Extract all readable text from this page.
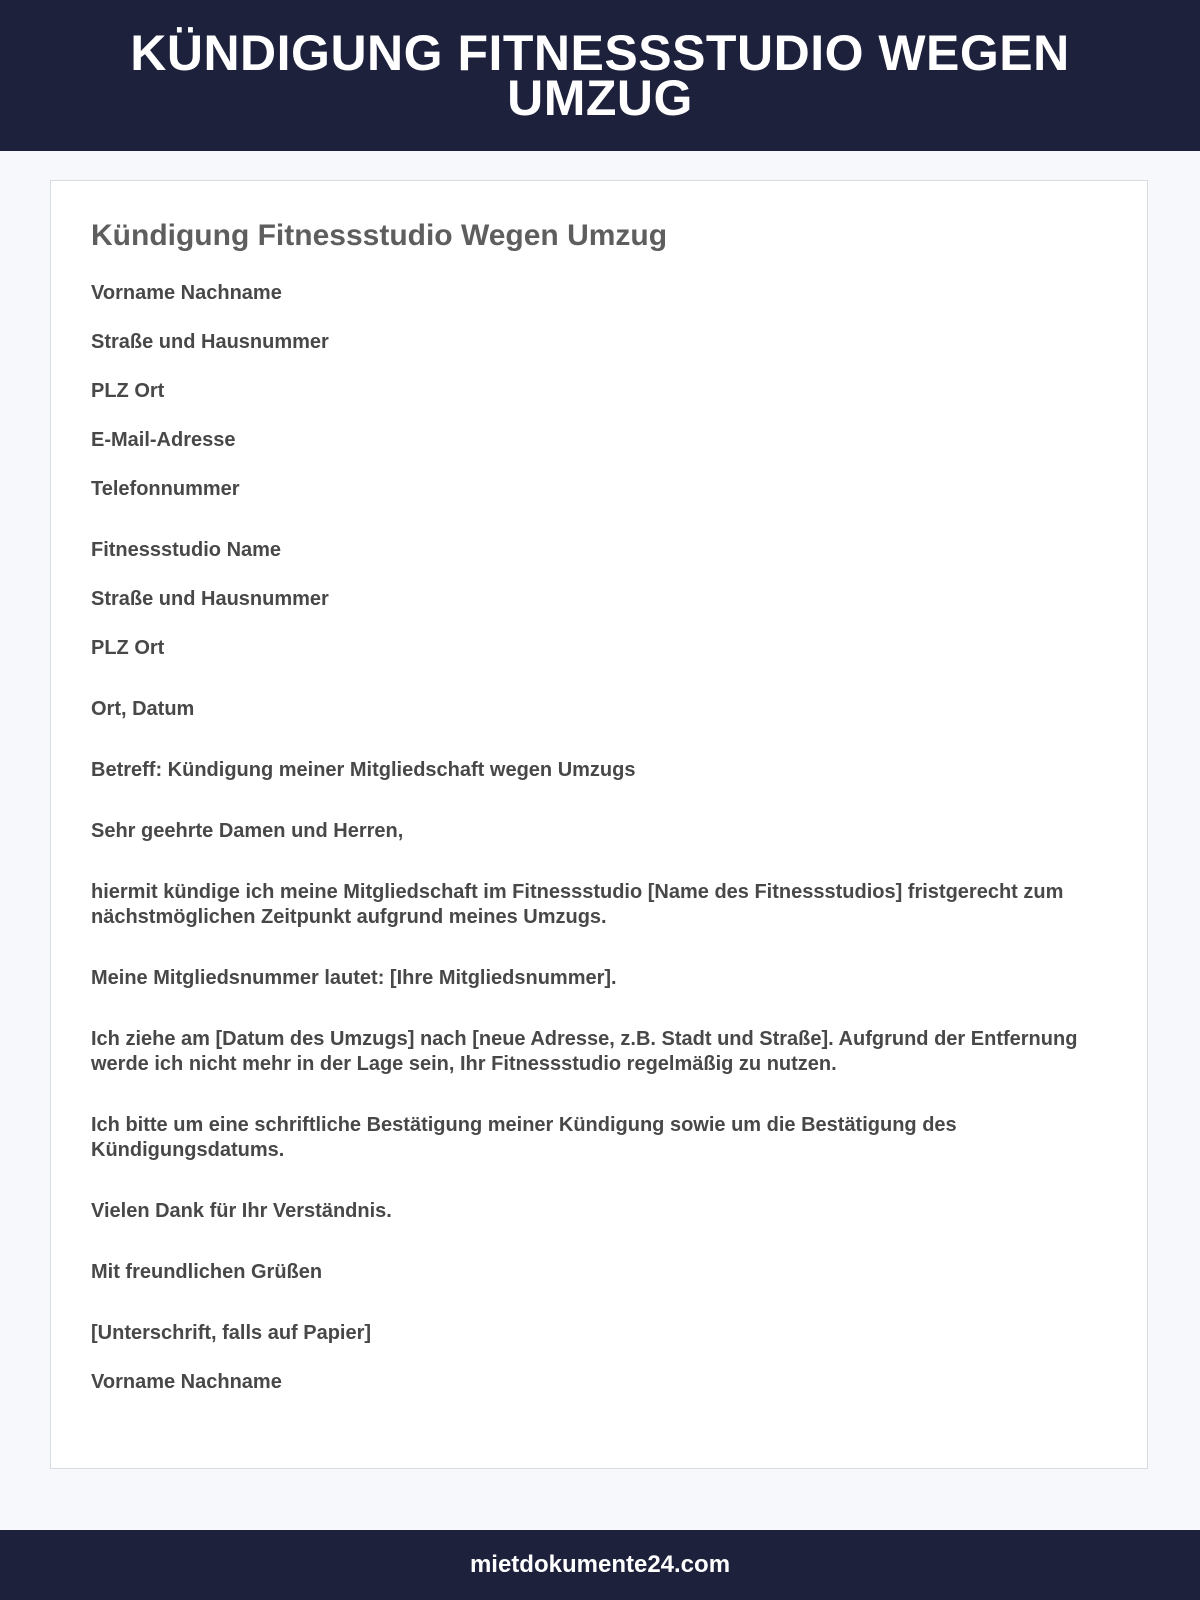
KÜNDIGUNG FITNESSSTUDIO WEGEN UMZUG
Kündigung Fitnessstudio Wegen Umzug

Vorname Nachname

Straße und Hausnummer

PLZ Ort

E-Mail-Adresse

Telefonnummer

Fitnessstudio Name

Straße und Hausnummer

PLZ Ort

Ort, Datum

Betreff: Kündigung meiner Mitgliedschaft wegen Umzugs

Sehr geehrte Damen und Herren,

hiermit kündige ich meine Mitgliedschaft im Fitnessstudio [Name des Fitnessstudios] fristgerecht zum nächstmöglichen Zeitpunkt aufgrund meines Umzugs.

Meine Mitgliedsnummer lautet: [Ihre Mitgliedsnummer].

Ich ziehe am [Datum des Umzugs] nach [neue Adresse, z.B. Stadt und Straße]. Aufgrund der Entfernung werde ich nicht mehr in der Lage sein, Ihr Fitnessstudio regelmäßig zu nutzen.

Ich bitte um eine schriftliche Bestätigung meiner Kündigung sowie um die Bestätigung des Kündigungsdatums.

Vielen Dank für Ihr Verständnis.

Mit freundlichen Grüßen

[Unterschrift, falls auf Papier]

Vorname Nachname

mietdokumente24.com
